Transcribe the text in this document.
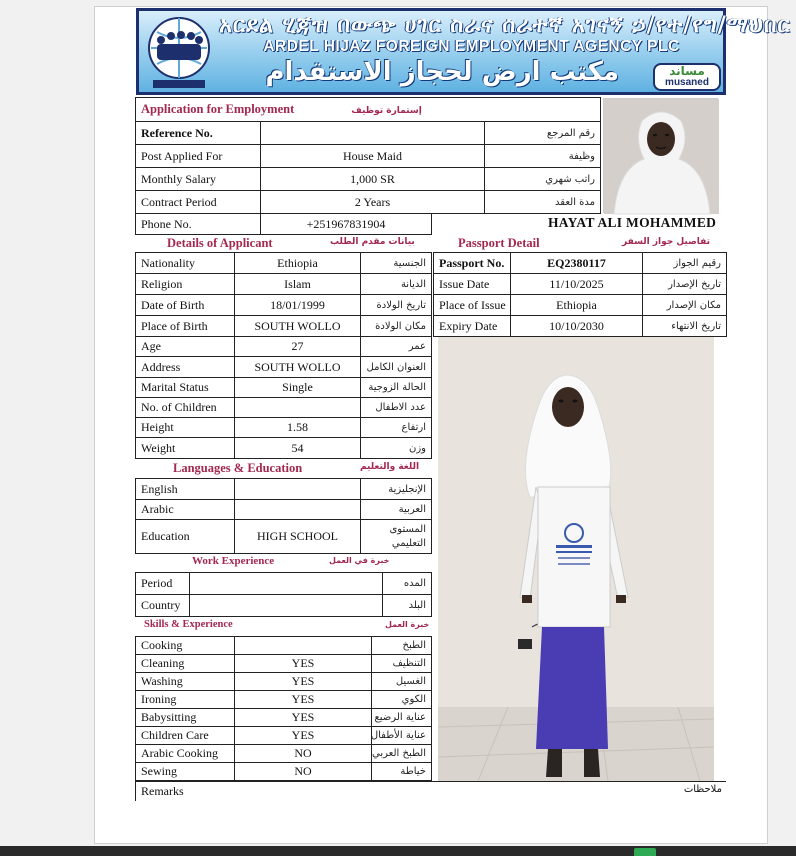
አርደል ሂጃዝ በውጭ ሀገር ስራና ሰራተኛ አገናኝ ኃ/የተ/የግ/ማህበር
ARDEL HIJAZ FOREIGN EMPLOYMENT AGENCY PLC
مكتب ارض لحجاز الاستقدام	مساند
musaned
Application for Employment إستمارة توظيف		
Reference No.		رقم المرجع
Post Applied For	House Maid	وظيفة
Monthly Salary	1,000 SR	راتب شهري
Contract Period	2 Years	مدة العقد
Phone No.	+251967831904	HAYAT ALI MOHAMMED
Details of Applicant	بيانات مقدم الطلب	Passport Detail	تفاصيل جواز السفر
Nationality	Ethiopia	الجنسية
Religion	Islam	الديانة
Date of Birth	18/01/1999	تاريخ الولادة
Place of Birth	SOUTH WOLLO	مكان الولادة
Age	27	عمر
Address	SOUTH WOLLO	العنوان الكامل
Marital Status	Single	الحالة الزوجية
No. of Children		عدد الاطفال
Height	1.58	ارتفاع
Weight	54	وزن
Passport No.	EQ2380117	رقيم الجواز
Issue Date	11/10/2025	تاريخ الإصدار
Place of Issue	Ethiopia	مكان الإصدار
Expiry Date	10/10/2030	تاريخ الانتهاء
Languages & Education	اللغة والتعليم
English		الإنجليزية
Arabic		العربية
Education	HIGH SCHOOL	المستوى
التعليمي
Work Experience	خبرة في العمل
Period		المده
Country		البلد
Skills & Experience	خبرة العمل
Cooking		الطبخ
Cleaning	YES	التنظيف
Washing	YES	الغسيل
Ironing	YES	الكوي
Babysitting	YES	عناية الرضيع
Children Care	YES	عناية الأطفال
Arabic Cooking	NO	الطبخ العربي
Sewing	NO	خياطة
Remarks	ملاحظات
